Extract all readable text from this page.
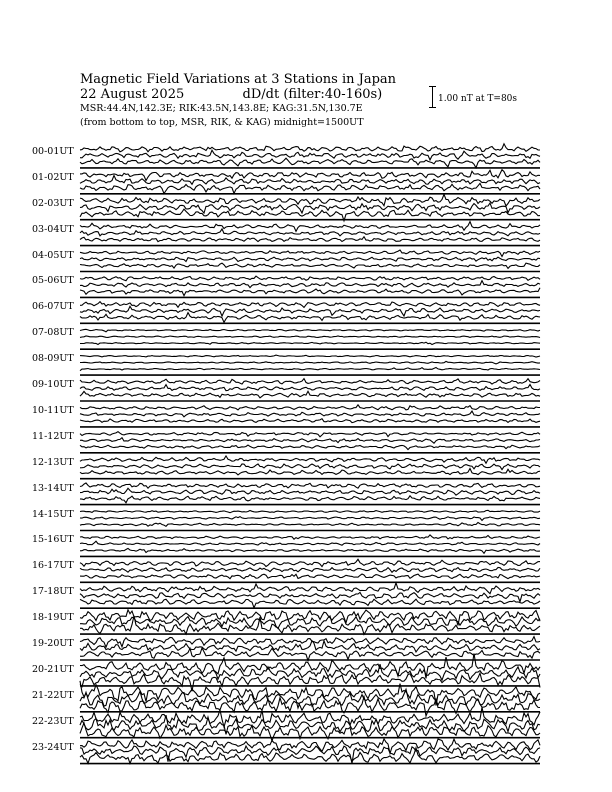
Magnetic Field Variations at 3 Stations in Japan
22 August 2025	dD/dt (filter:40-160s)
MSR:44.4N,142.3E; RIK:43.5N,143.8E; KAG:31.5N,130.7E
(from bottom to top, MSR, RIK, & KAG) midnight=1500UT
1.00 nT at T=80s
00-01UT
01-02UT
02-03UT
03-04UT
04-05UT
05-06UT
06-07UT
07-08UT
08-09UT
09-10UT
10-11UT
11-12UT
12-13UT
13-14UT
14-15UT
15-16UT
16-17UT
17-18UT
18-19UT
19-20UT
20-21UT
21-22UT
22-23UT
23-24UT
